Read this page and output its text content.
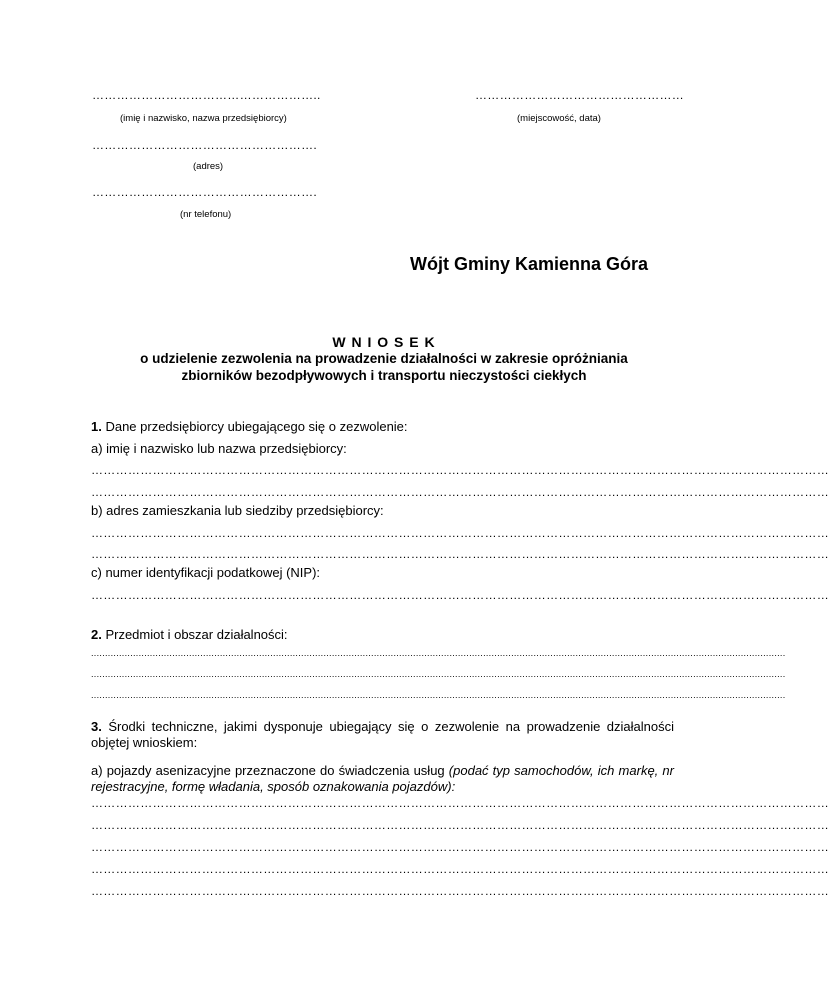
………………………………………………..
(imię i nazwisko, nazwa przedsiębiorcy)
……………………………………………
(miejscowość, data)
……………………………………………….
(adres)
……………………………………………….
(nr telefonu)
Wójt Gminy Kamienna Góra
W N I O S E K
o udzielenie zezwolenia na prowadzenie działalności w zakresie opróżniania
zbiorników bezodpływowych i transportu nieczystości ciekłych
1. Dane przedsiębiorcy ubiegającego się o zezwolenie:
a) imię i nazwisko lub nazwa przedsiębiorcy:
………………………………………………………………………………………………………………………………………………………………
………………………………………………………………………………………………………………………………………………………………
b) adres zamieszkania lub siedziby przedsiębiorcy:
………………………………………………………………………………………………………………………………………………………………
………………………………………………………………………………………………………………………………………………………………
c) numer identyfikacji podatkowej (NIP):
………………………………………………………………………………………………………………………………………………………………
2. Przedmiot i obszar działalności:
........................................................................................................................................................................................................................................................
........................................................................................................................................................................................................................................................
........................................................................................................................................................................................................................................................
3. Środki techniczne, jakimi dysponuje ubiegający się o zezwolenie na prowadzenie działalności objętej wnioskiem:
a) pojazdy asenizacyjne przeznaczone do świadczenia usług (podać typ samochodów, ich markę, nr rejestracyjne, formę władania, sposób oznakowania pojazdów):
………………………………………………………………………………………………………………………………………………………………
………………………………………………………………………………………………………………………………………………………………
………………………………………………………………………………………………………………………………………………………………
………………………………………………………………………………………………………………………………………………………………
………………………………………………………………………………………………………………………………………………………………
